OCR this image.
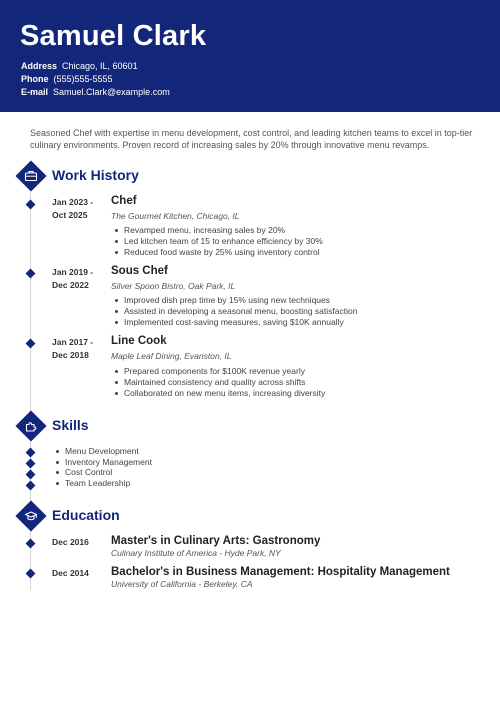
Samuel Clark
Address Chicago, IL, 60601
Phone (555)555-5555
E-mail Samuel.Clark@example.com
Seasoned Chef with expertise in menu development, cost control, and leading kitchen teams to excel in top-tier culinary environments. Proven record of increasing sales by 20% through innovative menu revamps.
Work History
Jan 2023 -
Oct 2025
Chef
The Gourmet Kitchen, Chicago, IL
Revamped menu, increasing sales by 20%
Led kitchen team of 15 to enhance efficiency by 30%
Reduced food waste by 25% using inventory control
Jan 2019 -
Dec 2022
Sous Chef
Silver Spoon Bistro, Oak Park, IL
Improved dish prep time by 15% using new techniques
Assisted in developing a seasonal menu, boosting satisfaction
Implemented cost-saving measures, saving $10K annually
Jan 2017 -
Dec 2018
Line Cook
Maple Leaf Dining, Evanston, IL
Prepared components for $100K revenue yearly
Maintained consistency and quality across shifts
Collaborated on new menu items, increasing diversity
Skills
Menu Development
Inventory Management
Cost Control
Team Leadership
Education
Dec 2016 Master's in Culinary Arts: Gastronomy
Culinary Institute of America - Hyde Park, NY
Dec 2014 Bachelor's in Business Management: Hospitality Management
University of California - Berkeley, CA
